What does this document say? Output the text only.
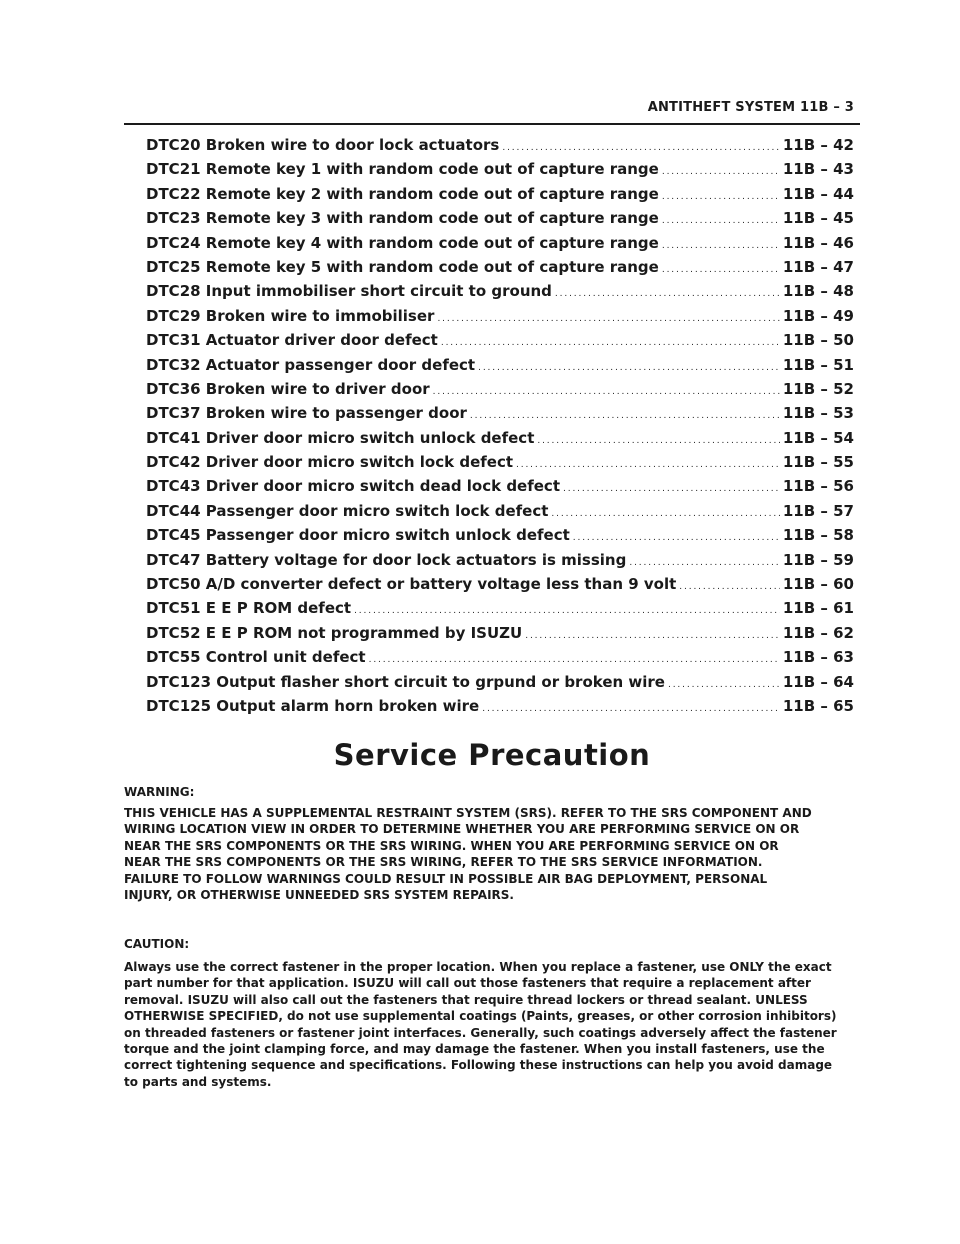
ANTITHEFT SYSTEM 11B – 3
DTC20 Broken wire to door lock actuators . . .	11B – 42
DTC21 Remote key 1 with random code out of capture range . . .	11B – 43
DTC22 Remote key 2 with random code out of capture range . . .	11B – 44
DTC23 Remote key 3 with random code out of capture range . . .	11B – 45
DTC24 Remote key 4 with random code out of capture range . . .	11B – 46
DTC25 Remote key 5 with random code out of capture range . . .	11B – 47
DTC28 Input immobiliser short circuit to ground . . .	11B – 48
DTC29 Broken wire to immobiliser . . .	11B – 49
DTC31 Actuator driver door defect . . .	11B – 50
DTC32 Actuator passenger door defect . . .	11B – 51
DTC36 Broken wire to driver door . . .	11B – 52
DTC37 Broken wire to passenger door . . .	11B – 53
DTC41 Driver door micro switch unlock defect . . .	11B – 54
DTC42 Driver door micro switch lock defect . . .	11B – 55
DTC43 Driver door micro switch dead lock defect . . .	11B – 56
DTC44 Passenger door micro switch lock defect . . .	11B – 57
DTC45 Passenger door micro switch unlock defect . . .	11B – 58
DTC47 Battery voltage for door lock actuators is missing . . .	11B – 59
DTC50 A/D converter defect or battery voltage less than 9 volt . . .	11B – 60
DTC51 E E P ROM defect . . .	11B – 61
DTC52 E E P ROM not programmed by ISUZU . . .	11B – 62
DTC55 Control unit defect . . .	11B – 63
DTC123 Output flasher short circuit to grpund or broken wire . . .	11B – 64
DTC125 Output alarm horn broken wire . . .	11B – 65
Service Precaution
WARNING:
THIS VEHICLE HAS A SUPPLEMENTAL RESTRAINT SYSTEM (SRS). REFER TO THE SRS COMPONENT AND
WIRING LOCATION VIEW IN ORDER TO DETERMINE WHETHER YOU ARE PERFORMING SERVICE ON OR
NEAR THE SRS COMPONENTS OR THE SRS WIRING. WHEN YOU ARE PERFORMING SERVICE ON OR
NEAR THE SRS COMPONENTS OR THE SRS WIRING, REFER TO THE SRS SERVICE INFORMATION.
FAILURE TO FOLLOW WARNINGS COULD RESULT IN POSSIBLE AIR BAG DEPLOYMENT, PERSONAL
INJURY, OR OTHERWISE UNNEEDED SRS SYSTEM REPAIRS.
CAUTION:
Always use the correct fastener in the proper location. When you replace a fastener, use ONLY the exact
part number for that application. ISUZU will call out those fasteners that require a replacement after
removal. ISUZU will also call out the fasteners that require thread lockers or thread sealant. UNLESS
OTHERWISE SPECIFIED, do not use supplemental coatings (Paints, greases, or other corrosion inhibitors)
on threaded fasteners or fastener joint interfaces. Generally, such coatings adversely affect the fastener
torque and the joint clamping force, and may damage the fastener. When you install fasteners, use the
correct tightening sequence and specifications. Following these instructions can help you avoid damage
to parts and systems.
